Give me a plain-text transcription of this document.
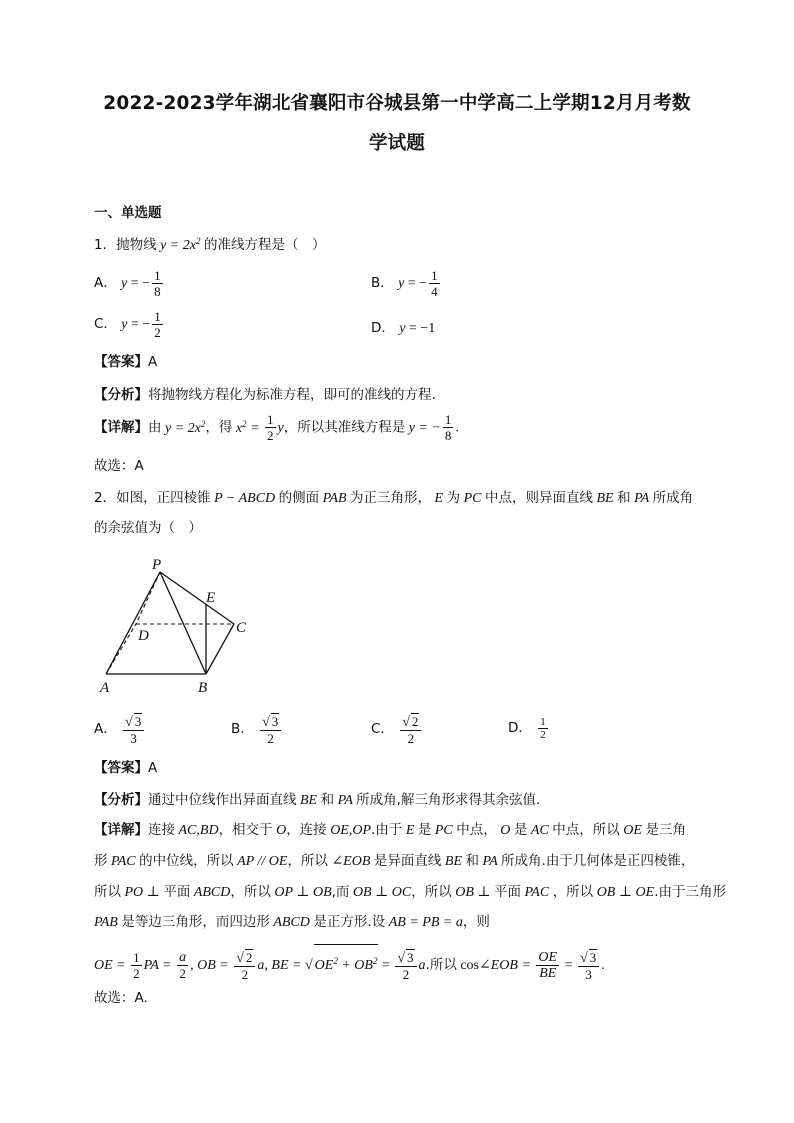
2022-2023学年湖北省襄阳市谷城县第一中学高二上学期12月月考数
学试题
一、单选题
1．抛物线 $y = 2x^2$ 的准线方程是（　）
A． y = − $\frac{1}{8}$	B． y = − $\frac{1}{4}$
C． y = − $\frac{1}{2}$	D． y = −1
【答案】A
【分析】将抛物线方程化为标准方程，即可的准线的方程.
【详解】由 $y = 2x^2$，得 $x^2 = \frac{1}{2}$ y，所以其准线方程是 y = − $\frac{1}{8}$ .
故选：A
2．如图，正四棱锥 P − ABCD 的侧面 PAB 为正三角形， E 为 PC 中点，则异面直线 BE 和 PA 所成角
的余弦值为（　）
P
E
C
D
A	B
A． $\frac{√ 3}{3}$	B． $\frac{√ 3}{2}$	C． $\frac{√ 2}{2}$	D． $\frac{1}{2}$
【答案】A
【分析】通过中位线作出异面直线 BE 和 PA 所成角,解三角形求得其余弦值.
【详解】连接 AC,BD，相交于 O，连接 OE,OP.由于 E 是 PC 中点， O 是 AC 中点，所以 OE 是三角
形 PAC 的中位线，所以 AP // OE，所以 ∠EOB 是异面直线 BE 和 PA 所成角.由于几何体是正四棱锥，
所以 PO ⊥ 平面 ABCD，所以 OP ⊥ OB,而 OB ⊥ OC，所以 OB ⊥ 平面 PAC ，所以 OB ⊥ OE.由于三角形
PAB 是等边三角形，而四边形 ABCD 是正方形.设 AB = PB = a，则
OE = $\frac{1}{2}$ PA = $\frac{a}{2}$ , OB = $\frac{√ 2}{2} a$, BE = √ $OE^2 + OB^2 = \frac{√ 3}{2} a$.所以 cos∠EOB = $\frac{OE}{BE} = \frac{√ 3}{3}$ .
故选：A.
